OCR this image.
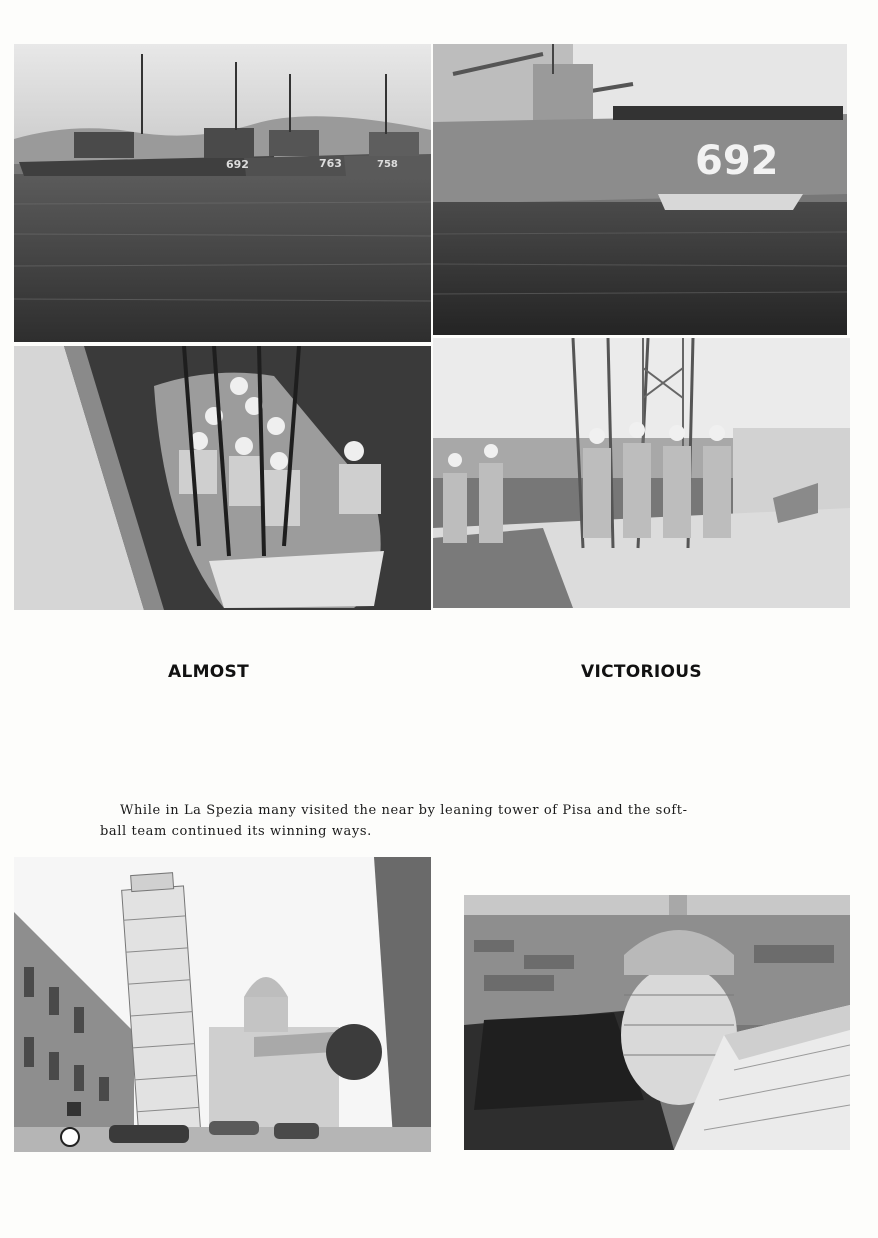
692	763	758	692
ALMOST	VICTORIOUS
While in La Spezia many visited the near by leaning tower of Pisa and the soft-
ball team continued its winning ways.
